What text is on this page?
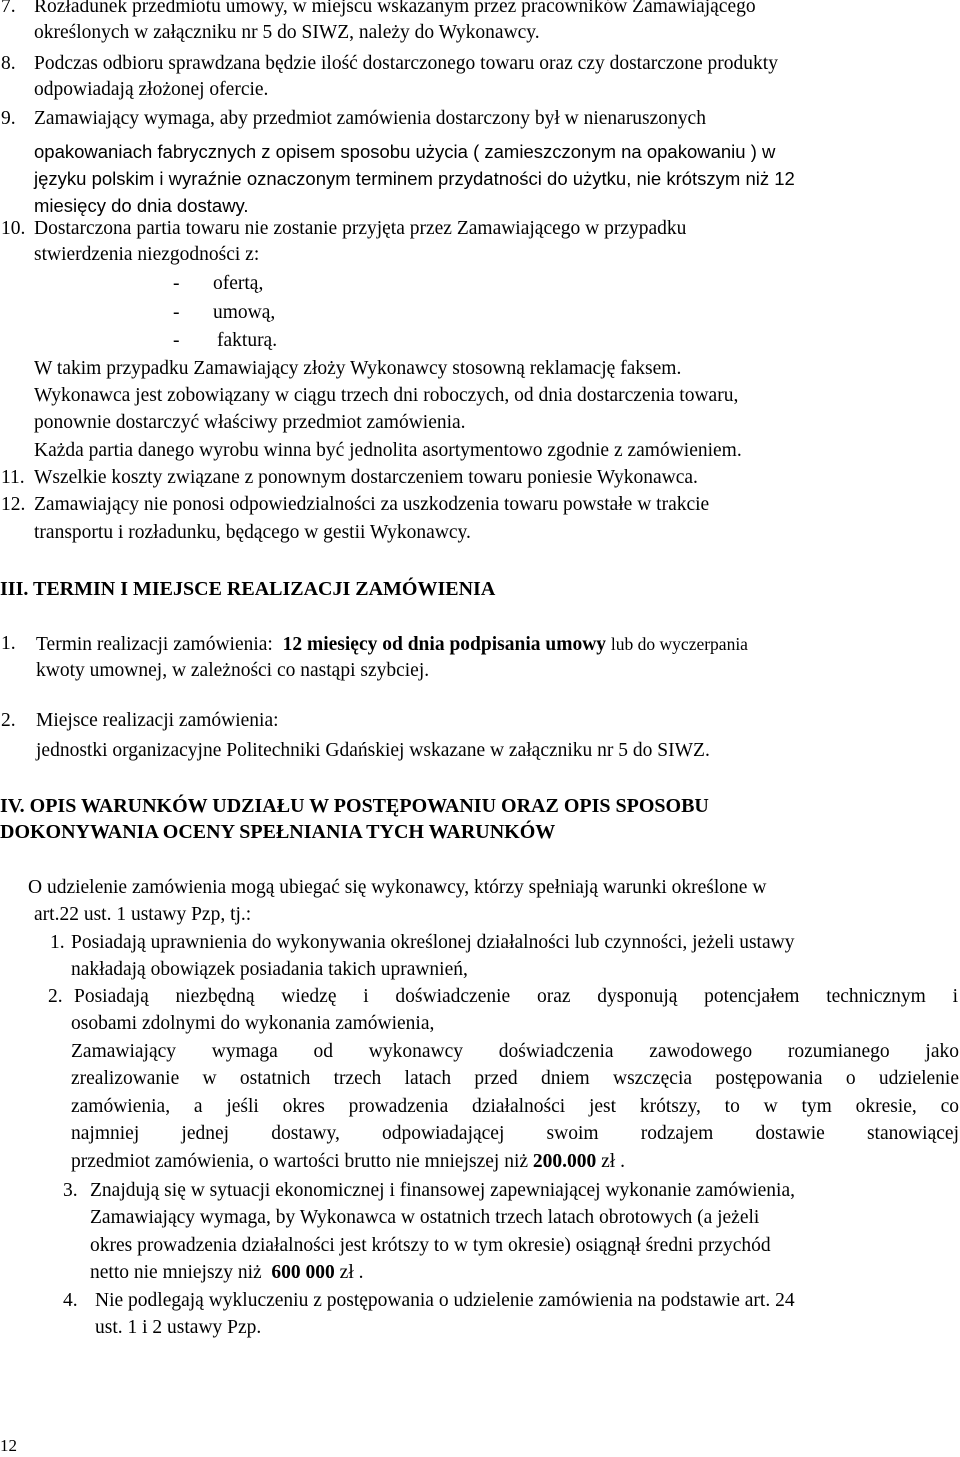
7. Rozładunek przedmiotu umowy, w miejscu wskazanym przez pracowników Zamawiającego
określonych w załączniku nr 5 do SIWZ, należy do Wykonawcy.
8. Podczas odbioru sprawdzana będzie ilość dostarczonego towaru oraz czy dostarczone produkty
odpowiadają złożonej ofercie.
9. Zamawiający wymaga, aby przedmiot zamówienia dostarczony był w nienaruszonych
opakowaniach fabrycznych z opisem sposobu użycia ( zamieszczonym na opakowaniu ) w
języku polskim i wyraźnie oznaczonym terminem przydatności do użytku, nie krótszym niż 12
miesięcy do dnia dostawy.
10. Dostarczona partia towaru nie zostanie przyjęta przez Zamawiającego w przypadku
stwierdzenia niezgodności z:
- ofertą,
- umową,
- fakturą.
W takim przypadku Zamawiający złoży Wykonawcy stosowną reklamację faksem.
Wykonawca jest zobowiązany w ciągu trzech dni roboczych, od dnia dostarczenia towaru,
ponownie dostarczyć właściwy przedmiot zamówienia.
Każda partia danego wyrobu winna być jednolita asortymentowo zgodnie z zamówieniem.
11. Wszelkie koszty związane z ponownym dostarczeniem towaru poniesie Wykonawca.
12. Zamawiający nie ponosi odpowiedzialności za uszkodzenia towaru powstałe w trakcie
transportu i rozładunku, będącego w gestii Wykonawcy.
III. TERMIN I MIEJSCE REALIZACJI ZAMÓWIENIA
1. Termin realizacji zamówienia: 12 miesięcy od dnia podpisania umowy lub do wyczerpania
kwoty umownej, w zależności co nastąpi szybciej.
2. Miejsce realizacji zamówienia:
jednostki organizacyjne Politechniki Gdańskiej wskazane w załączniku nr 5 do SIWZ.
IV. OPIS WARUNKÓW UDZIAŁU W POSTĘPOWANIU ORAZ OPIS SPOSOBU
DOKONYWANIA OCENY SPEŁNIANIA TYCH WARUNKÓW
O udzielenie zamówienia mogą ubiegać się wykonawcy, którzy spełniają warunki określone w
art.22 ust. 1 ustawy Pzp, tj.:
1. Posiadają uprawnienia do wykonywania określonej działalności lub czynności, jeżeli ustawy
nakładają obowiązek posiadania takich uprawnień,
2. Posiadają niezbędną wiedzę i doświadczenie oraz dysponują potencjałem technicznym i
osobami zdolnymi do wykonania zamówienia,
Zamawiający wymaga od wykonawcy doświadczenia zawodowego rozumianego jako
zrealizowanie w ostatnich trzech latach przed dniem wszczęcia postępowania o udzielenie
zamówienia, a jeśli okres prowadzenia działalności jest krótszy, to w tym okresie, co
najmniej jednej dostawy, odpowiadającej swoim rodzajem dostawie stanowiącej
przedmiot zamówienia, o wartości brutto nie mniejszej niż 200.000 zł .
3. Znajdują się w sytuacji ekonomicznej i finansowej zapewniającej wykonanie zamówienia,
Zamawiający wymaga, by Wykonawca w ostatnich trzech latach obrotowych (a jeżeli
okres prowadzenia działalności jest krótszy to w tym okresie) osiągnął średni przychód
netto nie mniejszy niż 600 000 zł .
4. Nie podlegają wykluczeniu z postępowania o udzielenie zamówienia na podstawie art. 24
ust. 1 i 2 ustawy Pzp.
12
